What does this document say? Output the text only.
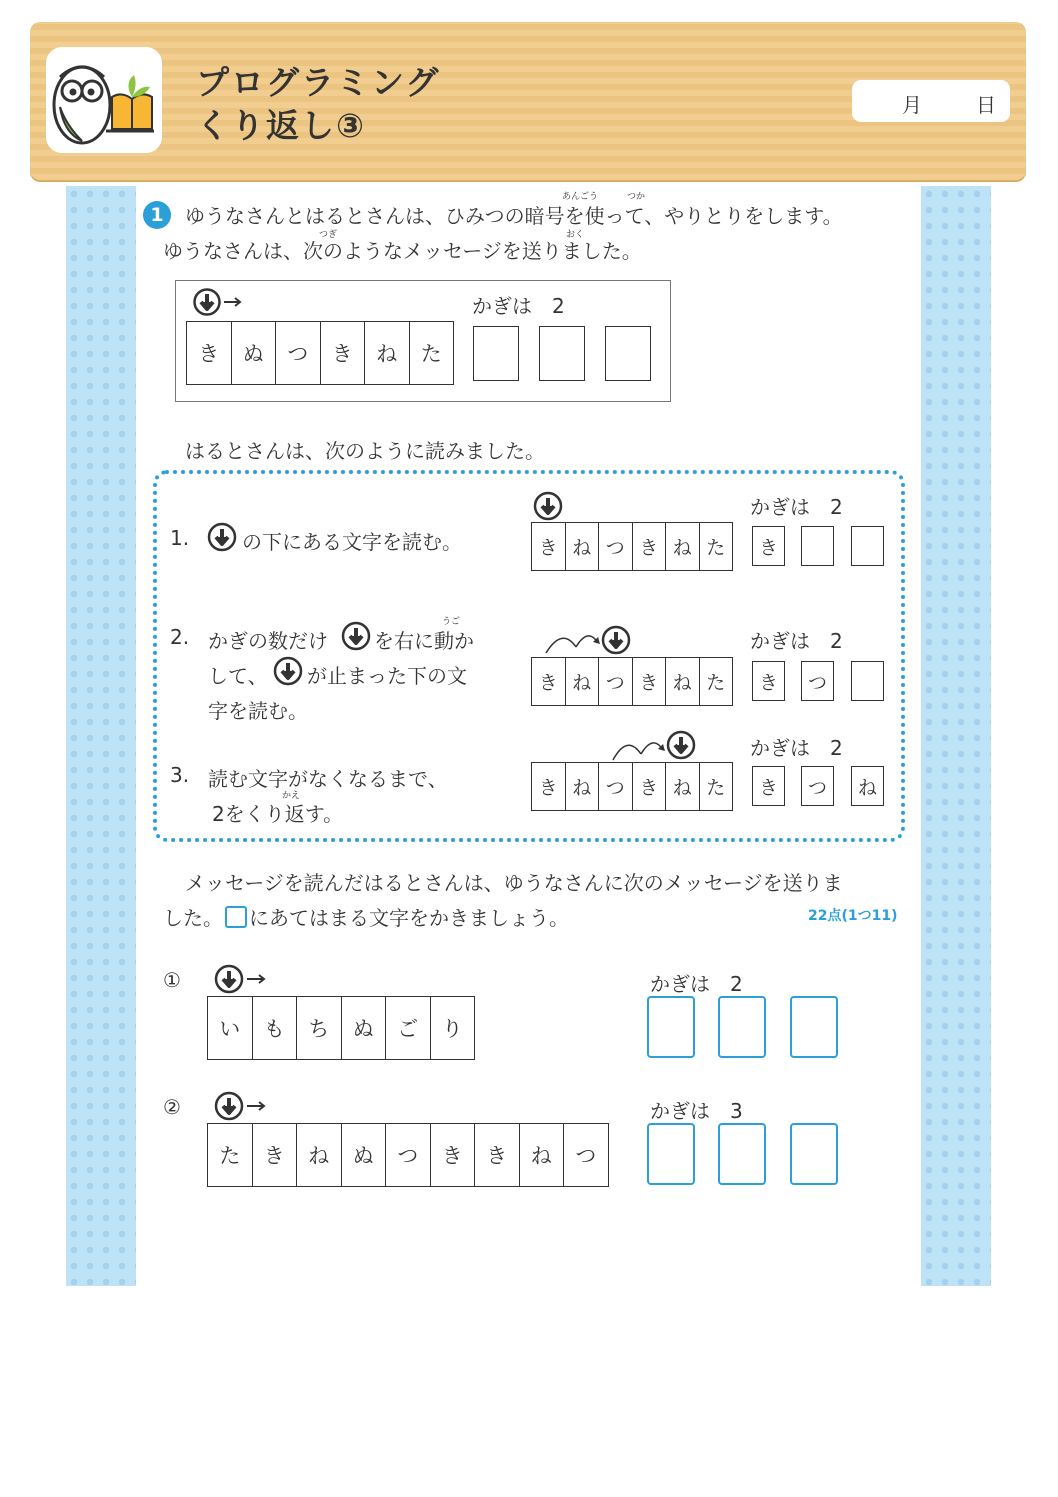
プログラミング
くり返し③
月	日
1
あんごう	つか
ゆうなさんとはるとさんは、ひみつの暗号を使って、やりとりをします。
つぎ	おく
ゆうなさんは、次のようなメッセージを送りました。
かぎは　2
き	ぬ	つ	き	ね	た
はるとさんは、次のように読みました。
1.	の下にある文字を読む。
かぎは　2
き ね つ き ね た	き
2. かぎの数だけ
うご
を右に動か
して、 が止まった下の文
字を読む。
かぎは　2
き ね つ き ね た	き	つ
3. 読む文字がなくなるまで、
かえ
2をくり返す。
かぎは　2
き ね つ き ね た	き	つ	ね
メッセージを読んだはるとさんは、ゆうなさんに次のメッセージを送りま
した。 にあてはまる文字をかきましょう。	22点(1つ11)
①	かぎは　2
い	も	ち	ぬ	ご	り
②	かぎは　3
た	き	ね	ぬ	つ	き	き	ね	つ
